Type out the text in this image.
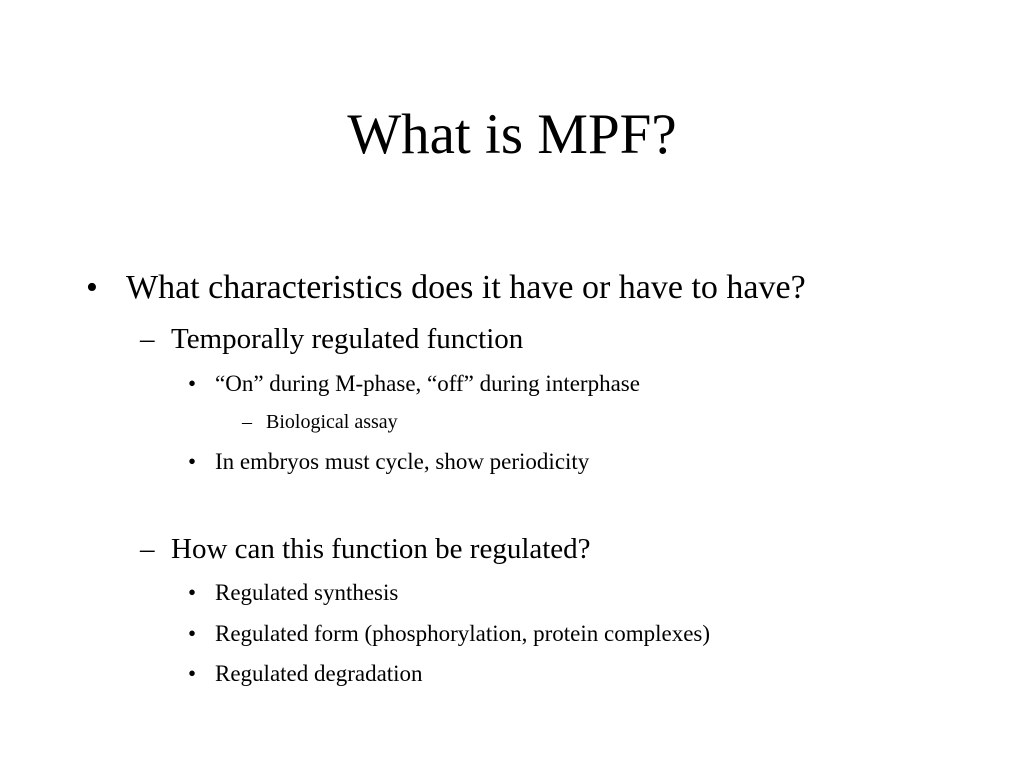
What is MPF?
• What characteristics does it have or have to have?
– Temporally regulated function
• “On” during M-phase, “off” during interphase
– Biological assay
• In embryos must cycle, show periodicity
– How can this function be regulated?
• Regulated synthesis
• Regulated form (phosphorylation, protein complexes)
• Regulated degradation
